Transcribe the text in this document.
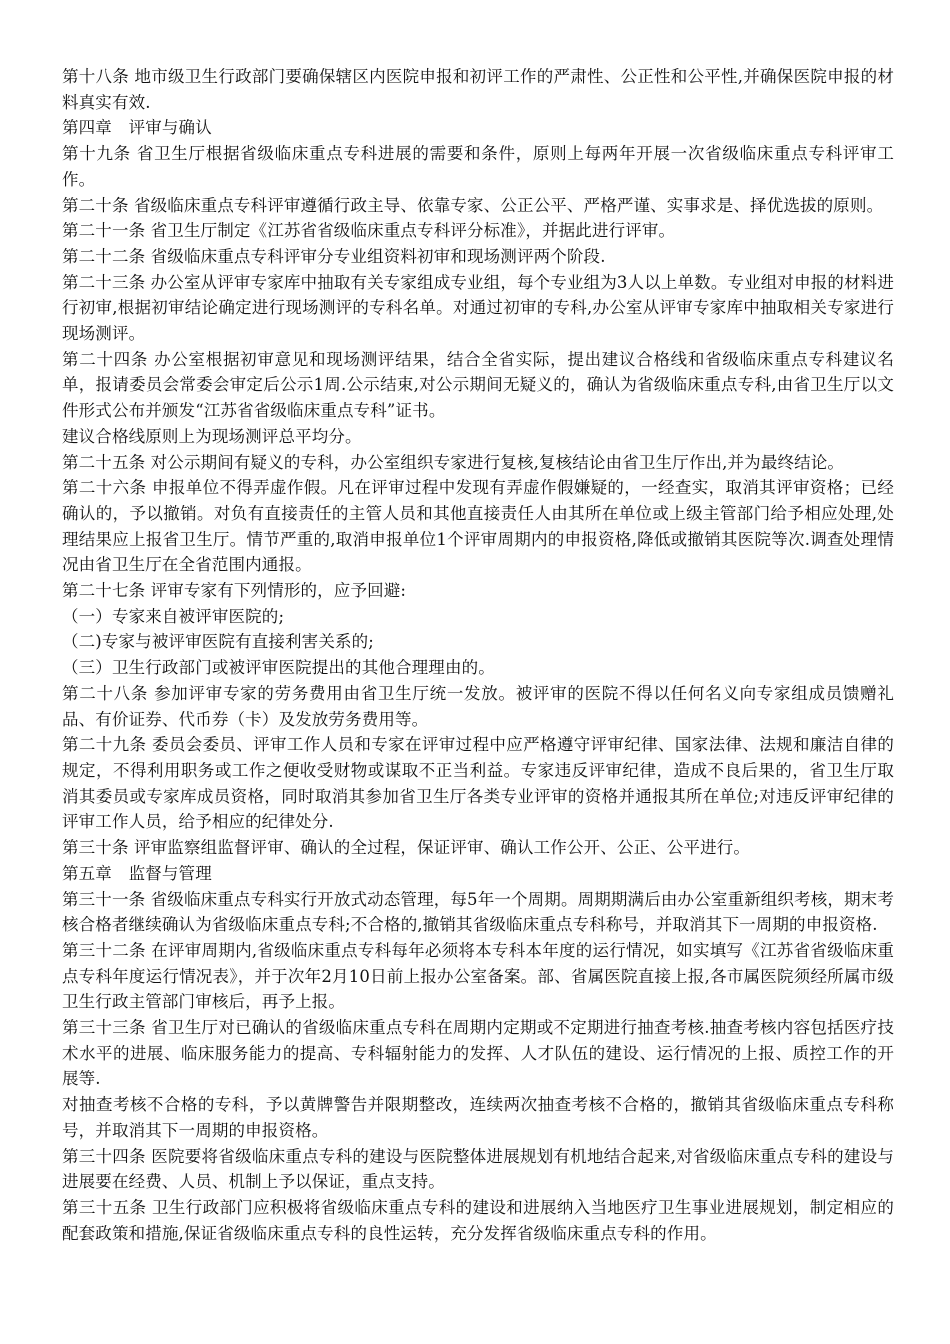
第十八条 地市级卫生行政部门要确保辖区内医院申报和初评工作的严肃性、公正性和公平性,并确保医院申报的材料真实有效.

第四章　评审与确认

第十九条 省卫生厅根据省级临床重点专科进展的需要和条件，原则上每两年开展一次省级临床重点专科评审工作。

第二十条 省级临床重点专科评审遵循行政主导、依靠专家、公正公平、严格严谨、实事求是、择优选拔的原则。

第二十一条 省卫生厅制定《江苏省省级临床重点专科评分标准》，并据此进行评审。

第二十二条 省级临床重点专科评审分专业组资料初审和现场测评两个阶段.

第二十三条 办公室从评审专家库中抽取有关专家组成专业组，每个专业组为3人以上单数。专业组对申报的材料进行初审,根据初审结论确定进行现场测评的专科名单。对通过初审的专科,办公室从评审专家库中抽取相关专家进行现场测评。

第二十四条 办公室根据初审意见和现场测评结果，结合全省实际，提出建议合格线和省级临床重点专科建议名单，报请委员会常委会审定后公示1周.公示结束,对公示期间无疑义的，确认为省级临床重点专科,由省卫生厅以文件形式公布并颁发“江苏省省级临床重点专科”证书。

建议合格线原则上为现场测评总平均分。

第二十五条 对公示期间有疑义的专科，办公室组织专家进行复核,复核结论由省卫生厅作出,并为最终结论。

第二十六条 申报单位不得弄虚作假。凡在评审过程中发现有弄虚作假嫌疑的，一经查实，取消其评审资格；已经确认的，予以撤销。对负有直接责任的主管人员和其他直接责任人由其所在单位或上级主管部门给予相应处理,处理结果应上报省卫生厅。情节严重的,取消申报单位1个评审周期内的申报资格,降低或撤销其医院等次.调查处理情况由省卫生厅在全省范围内通报。

第二十七条 评审专家有下列情形的，应予回避:

（一）专家来自被评审医院的;

（二)专家与被评审医院有直接利害关系的;

（三）卫生行政部门或被评审医院提出的其他合理理由的。

第二十八条 参加评审专家的劳务费用由省卫生厅统一发放。被评审的医院不得以任何名义向专家组成员馈赠礼品、有价证券、代币券（卡）及发放劳务费用等。

第二十九条 委员会委员、评审工作人员和专家在评审过程中应严格遵守评审纪律、国家法律、法规和廉洁自律的规定，不得利用职务或工作之便收受财物或谋取不正当利益。专家违反评审纪律，造成不良后果的，省卫生厅取消其委员或专家库成员资格，同时取消其参加省卫生厅各类专业评审的资格并通报其所在单位;对违反评审纪律的评审工作人员，给予相应的纪律处分.

第三十条 评审监察组监督评审、确认的全过程，保证评审、确认工作公开、公正、公平进行。

第五章　监督与管理

第三十一条 省级临床重点专科实行开放式动态管理，每5年一个周期。周期期满后由办公室重新组织考核，期末考核合格者继续确认为省级临床重点专科;不合格的,撤销其省级临床重点专科称号，并取消其下一周期的申报资格.

第三十二条 在评审周期内,省级临床重点专科每年必须将本专科本年度的运行情况，如实填写《江苏省省级临床重点专科年度运行情况表》，并于次年2月10日前上报办公室备案。部、省属医院直接上报,各市属医院须经所属市级卫生行政主管部门审核后，再予上报。

第三十三条 省卫生厅对已确认的省级临床重点专科在周期内定期或不定期进行抽查考核.抽查考核内容包括医疗技术水平的进展、临床服务能力的提高、专科辐射能力的发挥、人才队伍的建设、运行情况的上报、质控工作的开展等.

对抽查考核不合格的专科，予以黄牌警告并限期整改，连续两次抽查考核不合格的，撤销其省级临床重点专科称号，并取消其下一周期的申报资格。

第三十四条 医院要将省级临床重点专科的建设与医院整体进展规划有机地结合起来,对省级临床重点专科的建设与进展要在经费、人员、机制上予以保证，重点支持。

第三十五条 卫生行政部门应积极将省级临床重点专科的建设和进展纳入当地医疗卫生事业进展规划，制定相应的配套政策和措施,保证省级临床重点专科的良性运转，充分发挥省级临床重点专科的作用。
